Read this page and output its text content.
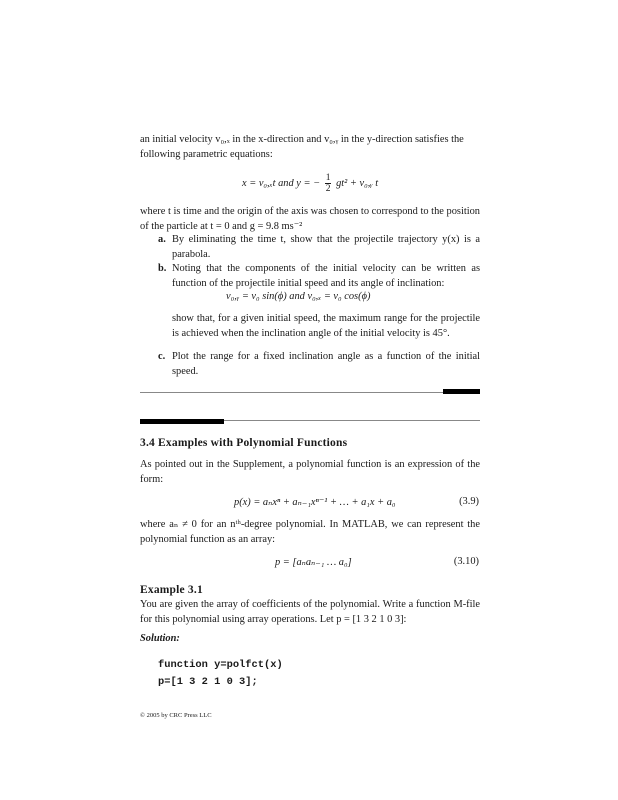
an initial velocity v₀,ₓ in the x-direction and v₀,ᵧ in the y-direction satisfies the
following parametric equations:
x = v₀,ₓt and y = − $\frac{1}{2} gt^2$ + v₀,ᵧ t
where t is time and the origin of the axis was chosen to correspond to the position of the particle at t = 0 and g = 9.8 ms⁻²
a. By eliminating the time t, show that the projectile trajectory y(x) is a parabola.
b. Noting that the components of the initial velocity can be written as function of the projectile initial speed and its angle of inclination:
v₀,ᵧ = v₀ sin(ϕ) and v₀,ₓ = v₀ cos(ϕ)
show that, for a given initial speed, the maximum range for the projectile is achieved when the inclination angle of the initial velocity is 45°.
c. Plot the range for a fixed inclination angle as a function of the initial speed.
3.4 Examples with Polynomial Functions
As pointed out in the Supplement, a polynomial function is an expression of the form:
p(x) = aₙxⁿ + aₙ₋₁xⁿ⁻¹ + … + a₁x + a₀	(3.9)
where aₙ ≠ 0 for an nᵗʰ-degree polynomial. In MATLAB, we can represent the polynomial function as an array:
p = [aₙaₙ₋₁ … a₀]	(3.10)
Example 3.1
You are given the array of coefficients of the polynomial. Write a function M-file for this polynomial using array operations. Let p = [1 3 2 1 0 3]:
Solution:
function y=polfct(x)
p=[1 3 2 1 0 3];
© 2005 by CRC Press LLC
